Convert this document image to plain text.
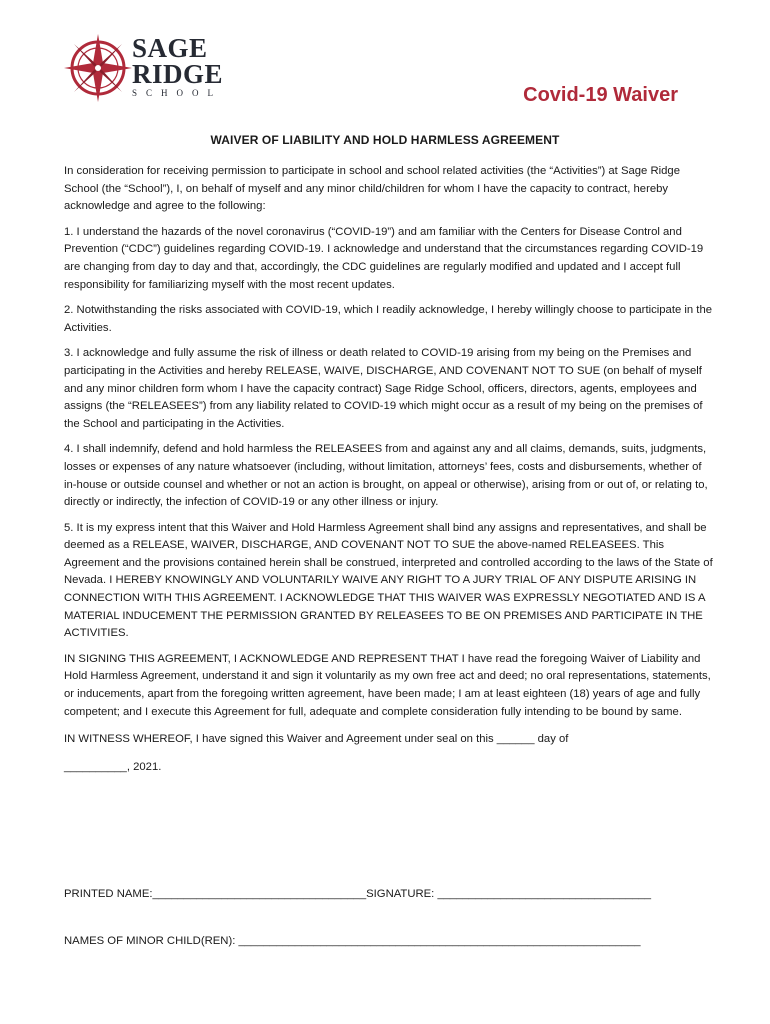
SAGE
RIDGE
SCHOOL	Covid-19 Waiver
WAIVER OF LIABILITY AND HOLD HARMLESS AGREEMENT

In consideration for receiving permission to participate in school and school related activities (the “Activities”) at Sage Ridge School (the “School”), I, on behalf of myself and any minor child/children for whom I have the capacity to contract, hereby acknowledge and agree to the following:

1. I understand the hazards of the novel coronavirus (“COVID-19”) and am familiar with the Centers for Disease Control and Prevention (“CDC”) guidelines regarding COVID-19. I acknowledge and understand that the circumstances regarding COVID-19 are changing from day to day and that, accordingly, the CDC guidelines are regularly modified and updated and I accept full responsibility for familiarizing myself with the most recent updates.

2. Notwithstanding the risks associated with COVID-19, which I readily acknowledge, I hereby willingly choose to participate in the Activities.

3. I acknowledge and fully assume the risk of illness or death related to COVID-19 arising from my being on the Premises and participating in the Activities and hereby RELEASE, WAIVE, DISCHARGE, AND COVENANT NOT TO SUE (on behalf of myself and any minor children form whom I have the capacity contract) Sage Ridge School, officers, directors, agents, employees and assigns (the “RELEASEES”) from any liability related to COVID-19 which might occur as a result of my being on the premises of the School and participating in the Activities.

4. I shall indemnify, defend and hold harmless the RELEASEES from and against any and all claims, demands, suits, judgments, losses or expenses of any nature whatsoever (including, without limitation, attorneys’ fees, costs and disbursements, whether of in-house or outside counsel and whether or not an action is brought, on appeal or otherwise), arising from or out of, or relating to, directly or indirectly, the infection of COVID-19 or any other illness or injury.

5. It is my express intent that this Waiver and Hold Harmless Agreement shall bind any assigns and representatives, and shall be deemed as a RELEASE, WAIVER, DISCHARGE, AND COVENANT NOT TO SUE the above-named RELEASEES. This Agreement and the provisions contained herein shall be construed, interpreted and controlled according to the laws of the State of Nevada. I HEREBY KNOWINGLY AND VOLUNTARILY WAIVE ANY RIGHT TO A JURY TRIAL OF ANY DISPUTE ARISING IN CONNECTION WITH THIS AGREEMENT. I ACKNOWLEDGE THAT THIS WAIVER WAS EXPRESSLY NEGOTIATED AND IS A MATERIAL INDUCEMENT THE PERMISSION GRANTED BY RELEASEES TO BE ON PREMISES AND PARTICIPATE IN THE ACTIVITIES.

IN SIGNING THIS AGREEMENT, I ACKNOWLEDGE AND REPRESENT THAT I have read the foregoing Waiver of Liability and Hold Harmless Agreement, understand it and sign it voluntarily as my own free act and deed; no oral representations, statements, or inducements, apart from the foregoing written agreement, have been made; I am at least eighteen (18) years of age and fully competent; and I execute this Agreement for full, adequate and complete consideration fully intending to be bound by same.

IN WITNESS WHEREOF, I have signed this Waiver and Agreement under seal on this ______ day of

__________, 2021.

PRINTED NAME:__________________________________SIGNATURE: __________________________________
NAMES OF MINOR CHILD(REN): ________________________________________________________________
